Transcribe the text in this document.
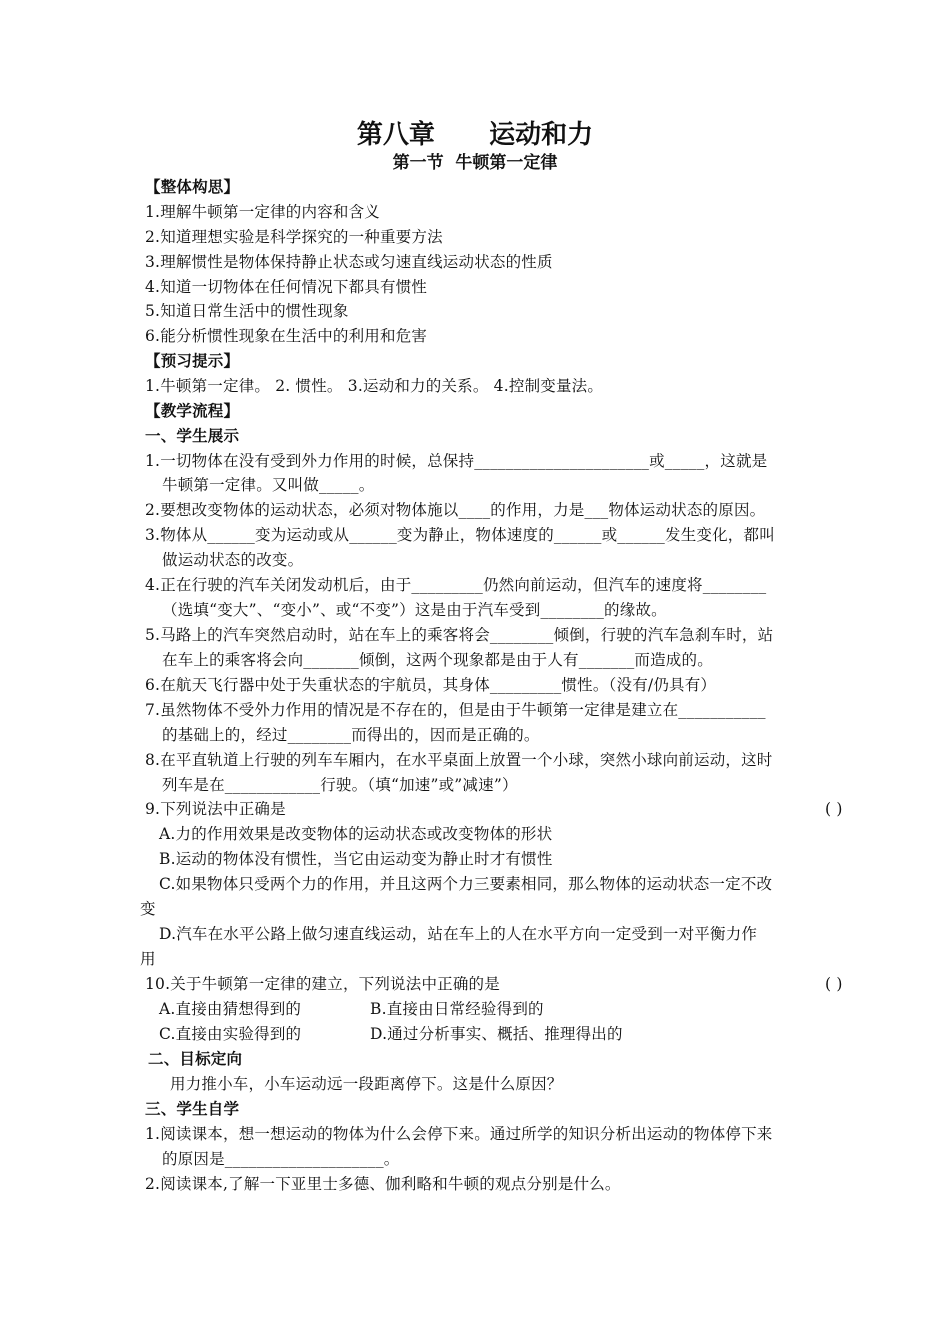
第八章      运动和力
第一节  牛顿第一定律
【整体构思】
1.理解牛顿第一定律的内容和含义
2.知道理想实验是科学探究的一种重要方法
3.理解惯性是物体保持静止状态或匀速直线运动状态的性质
4.知道一切物体在任何情况下都具有惯性
5.知道日常生活中的惯性现象
6.能分析惯性现象在生活中的利用和危害
【预习提示】
1.牛顿第一定律。 2. 惯性。 3.运动和力的关系。 4.控制变量法。
【教学流程】
一、学生展示
1.一切物体在没有受到外力作用的时候，总保持______________________或_____，这就是
牛顿第一定律。又叫做_____。
2.要想改变物体的运动状态，必须对物体施以____的作用，力是___物体运动状态的原因。
3.物体从______变为运动或从______变为静止，物体速度的______或______发生变化，都叫
做运动状态的改变。
4.正在行驶的汽车关闭发动机后，由于_________仍然向前运动，但汽车的速度将________
（选填“变大”、“变小”、或“不变”）这是由于汽车受到________的缘故。
5.马路上的汽车突然启动时，站在车上的乘客将会________倾倒，行驶的汽车急刹车时，站
在车上的乘客将会向_______倾倒，这两个现象都是由于人有_______而造成的。
6.在航天飞行器中处于失重状态的宇航员，其身体_________惯性。（没有/仍具有）
7.虽然物体不受外力作用的情况是不存在的，但是由于牛顿第一定律是建立在___________
的基础上的，经过________而得出的，因而是正确的。
8.在平直轨道上行驶的列车车厢内，在水平桌面上放置一个小球，突然小球向前运动，这时
列车是在____________行驶。（填“加速”或”减速”）
9.下列说法中正确是	( )
A.力的作用效果是改变物体的运动状态或改变物体的形状
B.运动的物体没有惯性，当它由运动变为静止时才有惯性
C.如果物体只受两个力的作用，并且这两个力三要素相同，那么物体的运动状态一定不改
变
D.汽车在水平公路上做匀速直线运动，站在车上的人在水平方向一定受到一对平衡力作
用
10.关于牛顿第一定律的建立，下列说法中正确的是	( )
A.直接由猜想得到的	B.直接由日常经验得到的
C.直接由实验得到的	D.通过分析事实、概括、推理得出的
二、目标定向
用力推小车，小车运动远一段距离停下。这是什么原因？
三、学生自学
1.阅读课本，想一想运动的物体为什么会停下来。通过所学的知识分析出运动的物体停下来
的原因是____________________。
2.阅读课本,了解一下亚里士多德、伽利略和牛顿的观点分别是什么。
